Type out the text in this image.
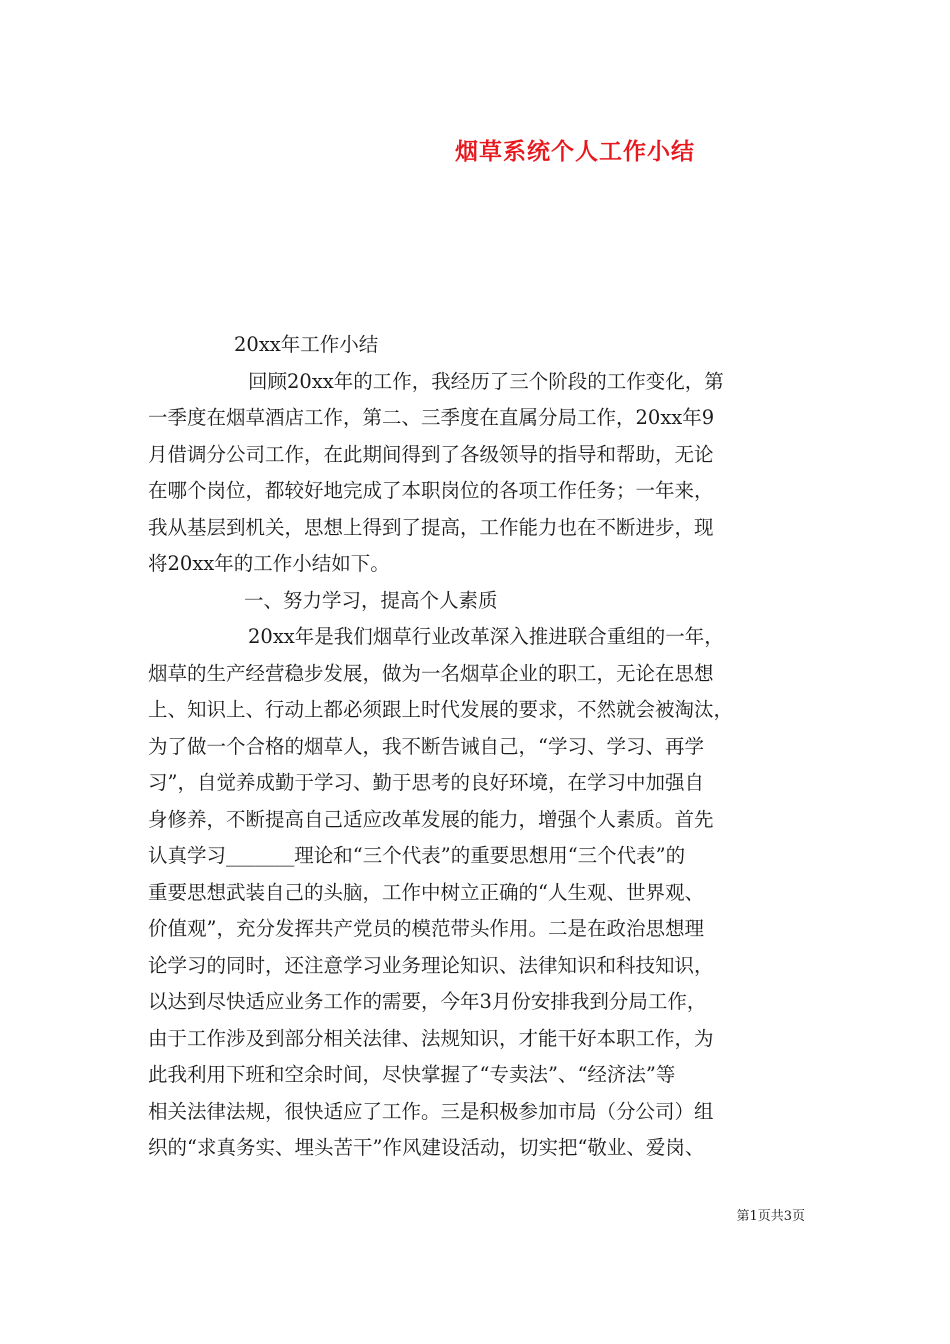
烟草系统个人工作小结
20xx年工作小结
回顾20xx年的工作，我经历了三个阶段的工作变化，第
一季度在烟草酒店工作，第二、三季度在直属分局工作，20xx年9
月借调分公司工作，在此期间得到了各级领导的指导和帮助，无论
在哪个岗位，都较好地完成了本职岗位的各项工作任务；一年来，
我从基层到机关，思想上得到了提高，工作能力也在不断进步，现
将20xx年的工作小结如下。
一、努力学习，提高个人素质
20xx年是我们烟草行业改革深入推进联合重组的一年，
烟草的生产经营稳步发展，做为一名烟草企业的职工，无论在思想
上、知识上、行动上都必须跟上时代发展的要求，不然就会被淘汰，
为了做一个合格的烟草人，我不断告诫自己，“学习、学习、再学
习”，自觉养成勤于学习、勤于思考的良好环境，在学习中加强自
身修养，不断提高自己适应改革发展的能力，增强个人素质。首先
认真学习_______理论和“三个代表”的重要思想用“三个代表”的
重要思想武装自己的头脑，工作中树立正确的“人生观、世界观、
价值观”，充分发挥共产党员的模范带头作用。二是在政治思想理
论学习的同时，还注意学习业务理论知识、法律知识和科技知识，
以达到尽快适应业务工作的需要，今年3月份安排我到分局工作，
由于工作涉及到部分相关法律、法规知识，才能干好本职工作，为
此我利用下班和空余时间，尽快掌握了“专卖法”、“经济法”等
相关法律法规，很快适应了工作。三是积极参加市局（分公司）组
织的“求真务实、埋头苦干”作风建设活动，切实把“敬业、爱岗、
第1页共3页
